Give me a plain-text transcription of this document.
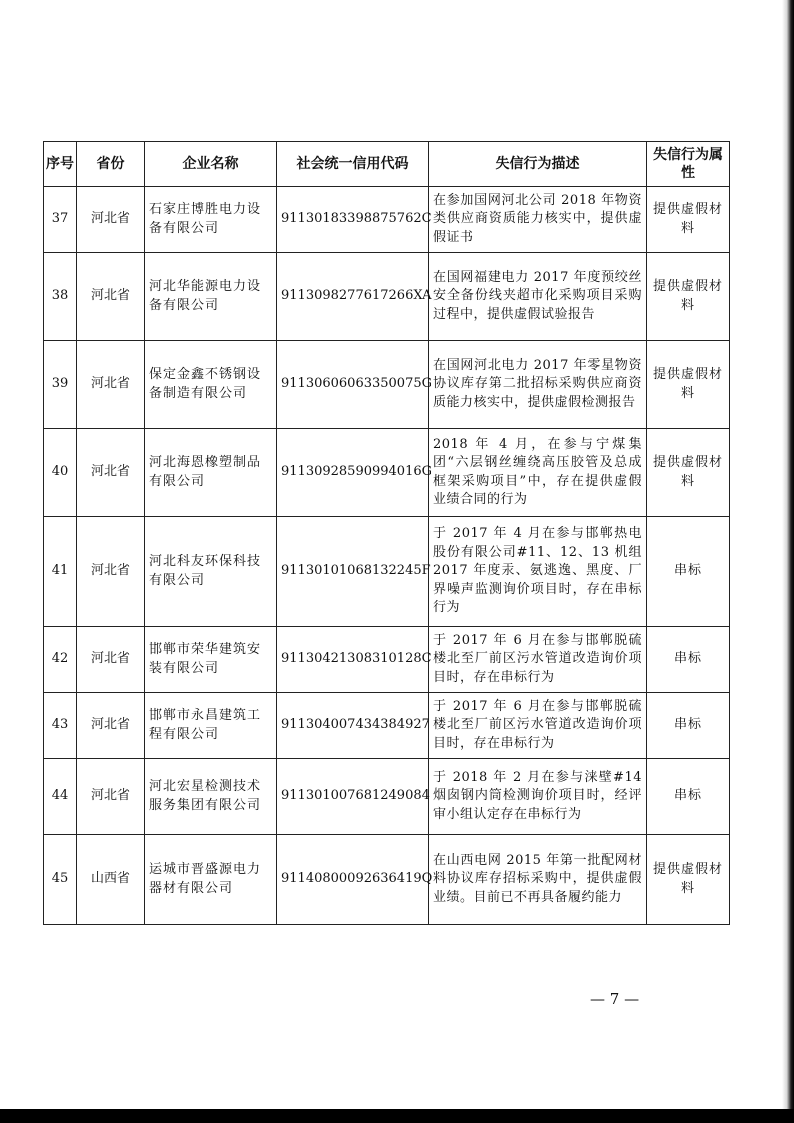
序号	省份	企业名称	社会统一信用代码	失信行为描述	失信行为属性
37	河北省	石家庄博胜电力设备有限公司	91130183398875762C	在参加国网河北公司 2018 年物资类供应商资质能力核实中，提供虚假证书	提供虚假材料
38	河北省	河北华能源电力设备有限公司	9113098277617266XA	在国网福建电力 2017 年度预绞丝安全备份线夹超市化采购项目采购过程中，提供虚假试验报告	提供虚假材料
39	河北省	保定金鑫不锈钢设备制造有限公司	91130606063350075G	在国网河北电力 2017 年零星物资协议库存第二批招标采购供应商资质能力核实中，提供虚假检测报告	提供虚假材料
40	河北省	河北海恩橡塑制品有限公司	91130928590994016G	2018 年 4 月，在参与宁煤集团“六层钢丝缠绕高压胶管及总成框架采购项目”中，存在提供虚假业绩合同的行为	提供虚假材料
41	河北省	河北科友环保科技有限公司	91130101068132245F	于 2017 年 4 月在参与邯郸热电股份有限公司#11、12、13 机组 2017 年度汞、氨逃逸、黑度、厂界噪声监测询价项目时，存在串标行为	串标
42	河北省	邯郸市荣华建筑安装有限公司	91130421308310128C	于 2017 年 6 月在参与邯郸脱硫楼北至厂前区污水管道改造询价项目时，存在串标行为	串标
43	河北省	邯郸市永昌建筑工程有限公司	911304007434384927	于 2017 年 6 月在参与邯郸脱硫楼北至厂前区污水管道改造询价项目时，存在串标行为	串标
44	河北省	河北宏星检测技术服务集团有限公司	911301007681249084	于 2018 年 2 月在参与涞壁#14 烟囱钢内筒检测询价项目时，经评审小组认定存在串标行为	串标
45	山西省	运城市晋盛源电力器材有限公司	91140800092636419Q	在山西电网 2015 年第一批配网材料协议库存招标采购中，提供虚假业绩。目前已不再具备履约能力	提供虚假材料
— 7 —
